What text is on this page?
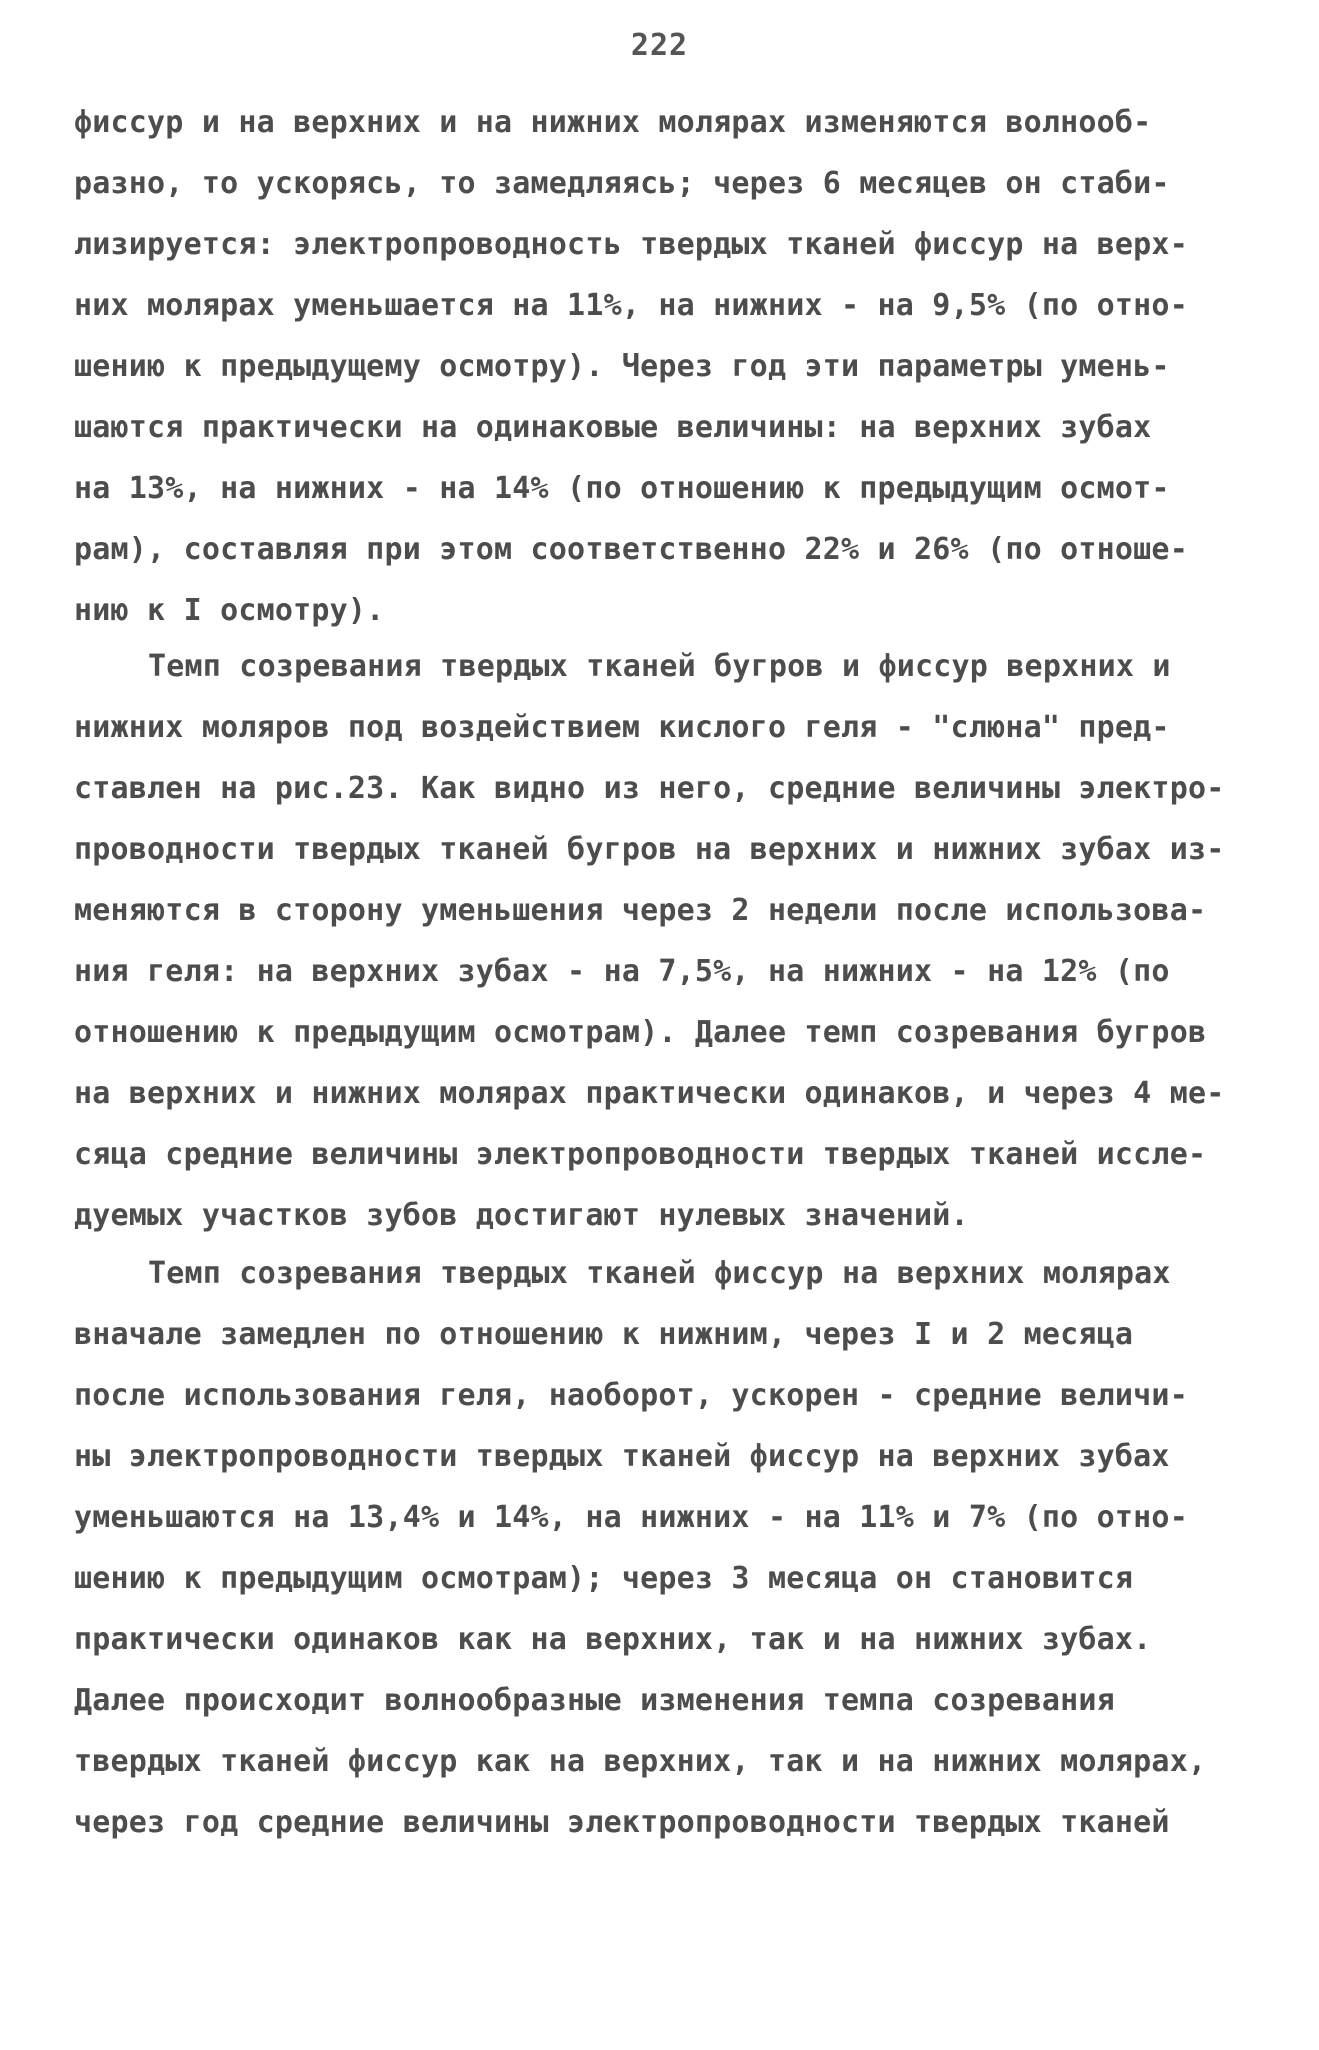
222
фиссур и на верхних и на нижних молярах изменяются волнооб-
разно, то ускорясь, то замедляясь; через 6 месяцев он стаби-
лизируется: электропроводность твердых тканей фиссур на верх-
них молярах уменьшается на 11%, на нижних - на 9,5% (по отно-
шению к предыдущему осмотру). Через год эти параметры умень-
шаются практически на одинаковые величины: на верхних зубах
на 13%, на нижних - на 14% (по отношению к предыдущим осмот-
рам), составляя при этом соответственно 22% и 26% (по отноше-
нию к I осмотру).
Темп созревания твердых тканей бугров и фиссур верхних и
нижних моляров под воздействием кислого геля - "слюна" пред-
ставлен на рис.23. Как видно из него, средние величины электро-
проводности твердых тканей бугров на верхних и нижних зубах из-
меняются в сторону уменьшения через 2 недели после использова-
ния геля: на верхних зубах - на 7,5%, на нижних - на 12% (по
отношению к предыдущим осмотрам). Далее темп созревания бугров
на верхних и нижних молярах практически одинаков, и через 4 ме-
сяца средние величины электропроводности твердых тканей иссле-
дуемых участков зубов достигают нулевых значений.
Темп созревания твердых тканей фиссур на верхних молярах
вначале замедлен по отношению к нижним, через I и 2 месяца
после использования геля, наоборот, ускорен - средние величи-
ны электропроводности твердых тканей фиссур на верхних зубах
уменьшаются на 13,4% и 14%, на нижних - на 11% и 7% (по отно-
шению к предыдущим осмотрам); через 3 месяца он становится
практически одинаков как на верхних, так и на нижних зубах.
Далее происходит волнообразные изменения темпа созревания
твердых тканей фиссур как на верхних, так и на нижних молярах,
через год средние величины электропроводности твердых тканей
